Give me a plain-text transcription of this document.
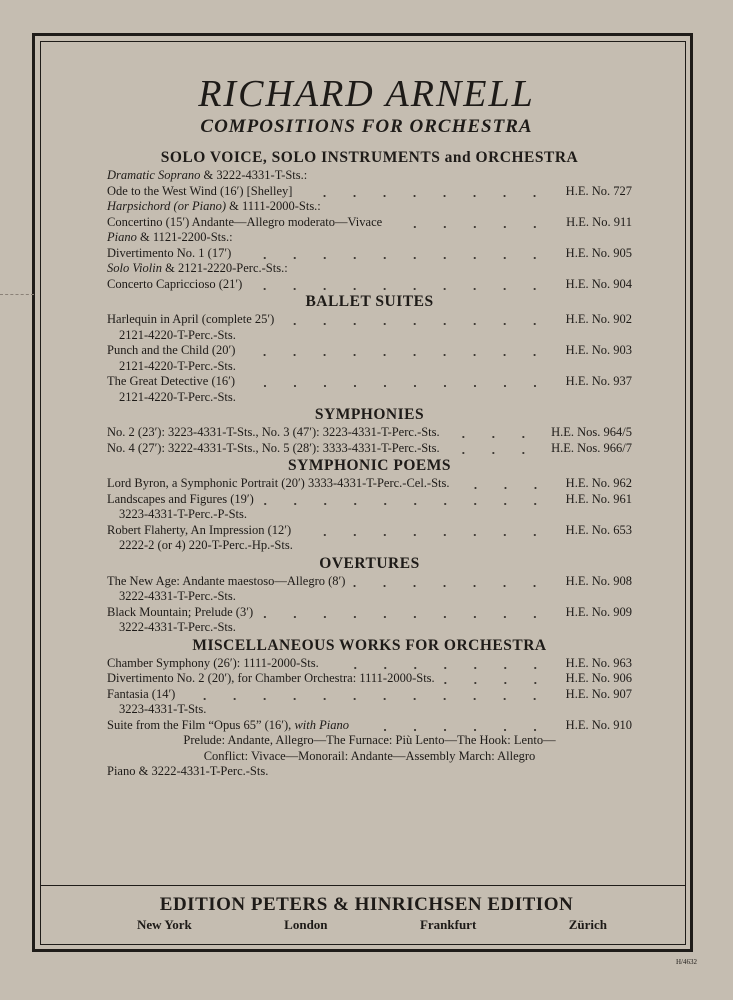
RICHARD ARNELL
COMPOSITIONS FOR ORCHESTRA
SOLO VOICE, SOLO INSTRUMENTS and ORCHESTRA
Dramatic Soprano & 3222-4331-T-Sts.:
Ode to the West Wind (16′) [Shelley]	H.E. No. 727
Harpsichord (or Piano) & 1111-2000-Sts.:
Concertino (15′) Andante—Allegro moderato—Vivace	H.E. No. 911
Piano & 1121-2200-Sts.:
Divertimento No. 1 (17′)	H.E. No. 905
Solo Violin & 2121-2220-Perc.-Sts.:
Concerto Capriccioso (21′)	H.E. No. 904
BALLET SUITES
Harlequin in April (complete 25′)	H.E. No. 902
2121-4220-T-Perc.-Sts.
Punch and the Child (20′)	H.E. No. 903
2121-4220-T-Perc.-Sts.
The Great Detective (16′)	H.E. No. 937
2121-4220-T-Perc.-Sts.
SYMPHONIES
No. 2 (23′): 3223-4331-T-Sts., No. 3 (47′): 3223-4331-T-Perc.-Sts.	H.E. Nos. 964/5
No. 4 (27′): 3222-4331-T-Sts., No. 5 (28′): 3333-4331-T-Perc.-Sts.	H.E. Nos. 966/7
SYMPHONIC POEMS
Lord Byron, a Symphonic Portrait (20′) 3333-4331-T-Perc.-Cel.-Sts.	H.E. No. 962
Landscapes and Figures (19′)	H.E. No. 961
3223-4331-T-Perc.-P-Sts.
Robert Flaherty, An Impression (12′)	H.E. No. 653
2222-2 (or 4) 220-T-Perc.-Hp.-Sts.
OVERTURES
The New Age: Andante maestoso—Allegro (8′)	H.E. No. 908
3222-4331-T-Perc.-Sts.
Black Mountain; Prelude (3′)	H.E. No. 909
3222-4331-T-Perc.-Sts.
MISCELLANEOUS WORKS FOR ORCHESTRA
Chamber Symphony (26′): 1111-2000-Sts.	H.E. No. 963
Divertimento No. 2 (20′), for Chamber Orchestra: 1111-2000-Sts.	H.E. No. 906
Fantasia (14′)	H.E. No. 907
3223-4331-T-Sts.
Suite from the Film “Opus 65” (16′), with Piano	H.E. No. 910
Prelude: Andante, Allegro—The Furnace: Più Lento—The Hook: Lento—
Conflict: Vivace—Monorail: Andante—Assembly March: Allegro
Piano & 3222-4331-T-Perc.-Sts.
EDITION PETERS & HINRICHSEN EDITION
New York	London	Frankfurt	Zürich
H/4632
